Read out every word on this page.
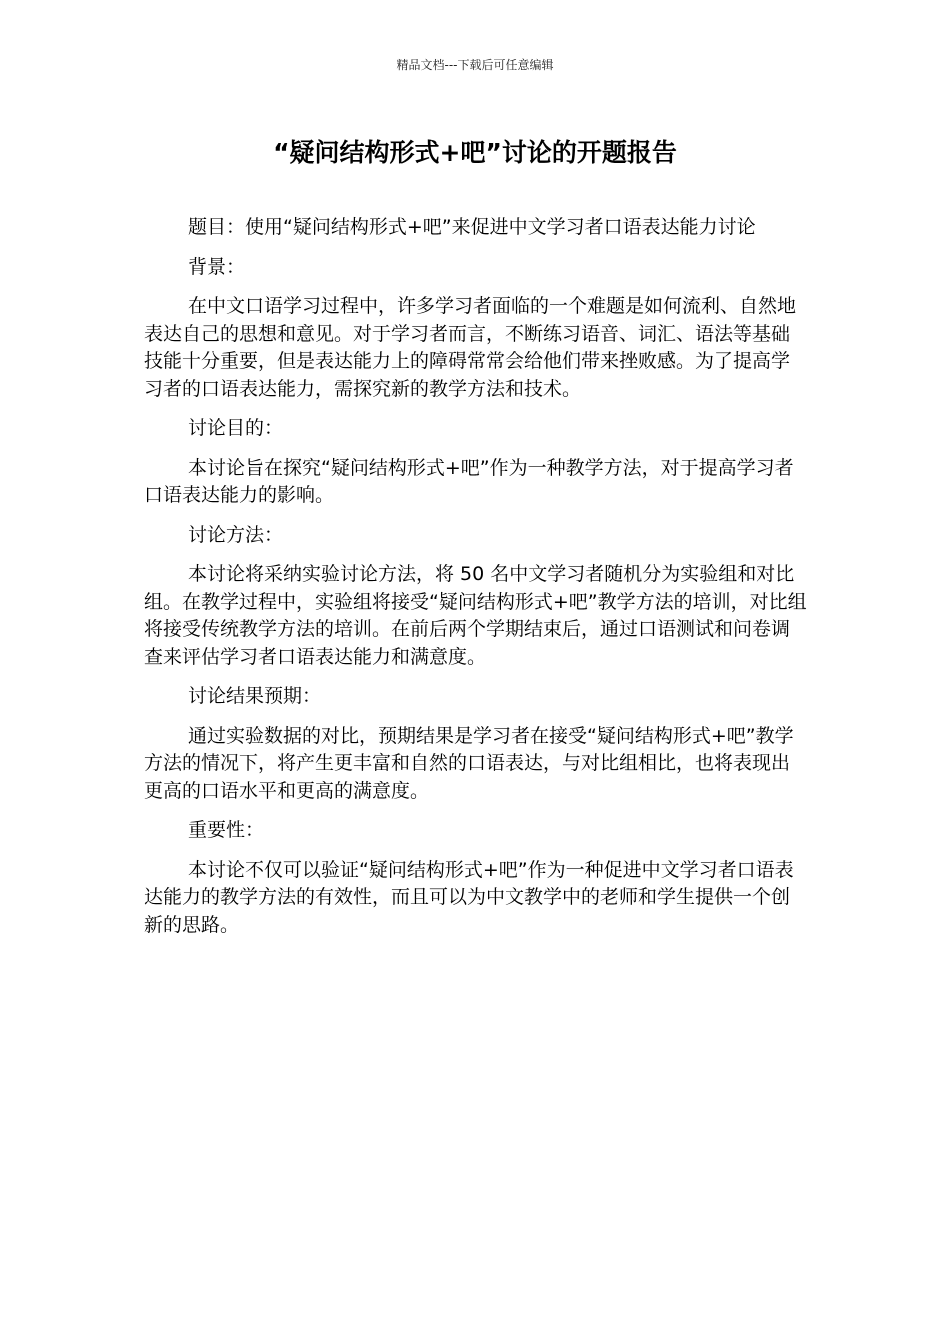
精品文档---下载后可任意编辑
“疑问结构形式+吧”讨论的开题报告

题目：使用“疑问结构形式+吧”来促进中文学习者口语表达能力讨论

背景：

在中文口语学习过程中，许多学习者面临的一个难题是如何流利、自然地表达自己的思想和意见。对于学习者而言，不断练习语音、词汇、语法等基础技能十分重要，但是表达能力上的障碍常常会给他们带来挫败感。为了提高学习者的口语表达能力，需探究新的教学方法和技术。

讨论目的：

本讨论旨在探究“疑问结构形式+吧”作为一种教学方法，对于提高学习者口语表达能力的影响。

讨论方法：

本讨论将采纳实验讨论方法，将 50 名中文学习者随机分为实验组和对比组。在教学过程中，实验组将接受“疑问结构形式+吧”教学方法的培训，对比组将接受传统教学方法的培训。在前后两个学期结束后，通过口语测试和问卷调查来评估学习者口语表达能力和满意度。

讨论结果预期：

通过实验数据的对比，预期结果是学习者在接受“疑问结构形式+吧”教学方法的情况下，将产生更丰富和自然的口语表达，与对比组相比，也将表现出更高的口语水平和更高的满意度。

重要性：

本讨论不仅可以验证“疑问结构形式+吧”作为一种促进中文学习者口语表达能力的教学方法的有效性，而且可以为中文教学中的老师和学生提供一个创新的思路。
